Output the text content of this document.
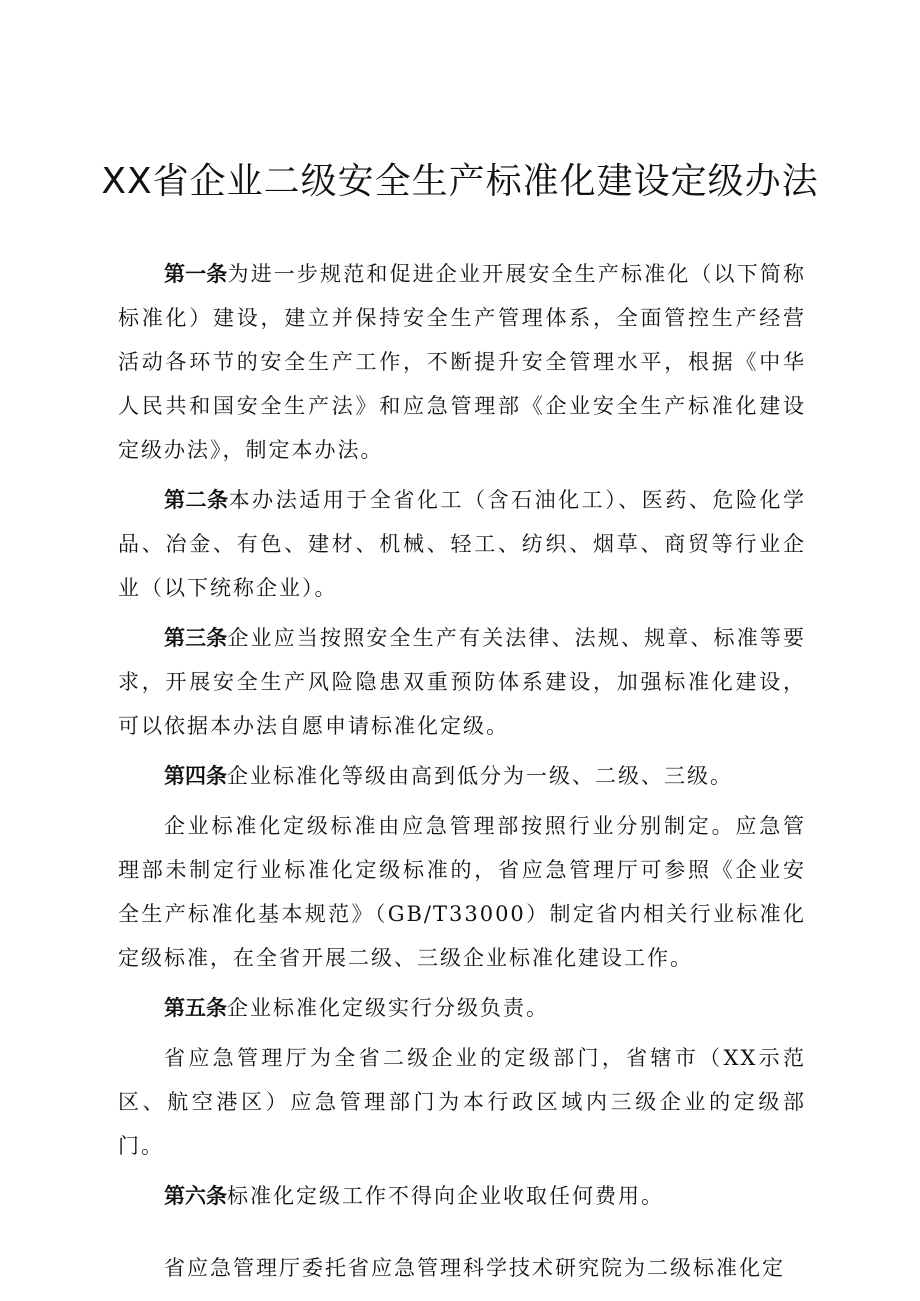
XX省企业二级安全生产标准化建设定级办法

第一条为进一步规范和促进企业开展安全生产标准化（以下简称标准化）建设，建立并保持安全生产管理体系，全面管控生产经营活动各环节的安全生产工作，不断提升安全管理水平，根据《中华人民共和国安全生产法》和应急管理部《企业安全生产标准化建设定级办法》，制定本办法。

第二条本办法适用于全省化工（含石油化工）、医药、危险化学品、冶金、有色、建材、机械、轻工、纺织、烟草、商贸等行业企业（以下统称企业）。

第三条企业应当按照安全生产有关法律、法规、规章、标准等要求，开展安全生产风险隐患双重预防体系建设，加强标准化建设，可以依据本办法自愿申请标准化定级。

第四条企业标准化等级由高到低分为一级、二级、三级。

企业标准化定级标准由应急管理部按照行业分别制定。应急管理部未制定行业标准化定级标准的，省应急管理厅可参照《企业安全生产标准化基本规范》（GB/T33000）制定省内相关行业标准化定级标准，在全省开展二级、三级企业标准化建设工作。

第五条企业标准化定级实行分级负责。

省应急管理厅为全省二级企业的定级部门，省辖市（XX示范区、航空港区）应急管理部门为本行政区域内三级企业的定级部门。

第六条标准化定级工作不得向企业收取任何费用。

省应急管理厅委托省应急管理科学技术研究院为二级标准化定
